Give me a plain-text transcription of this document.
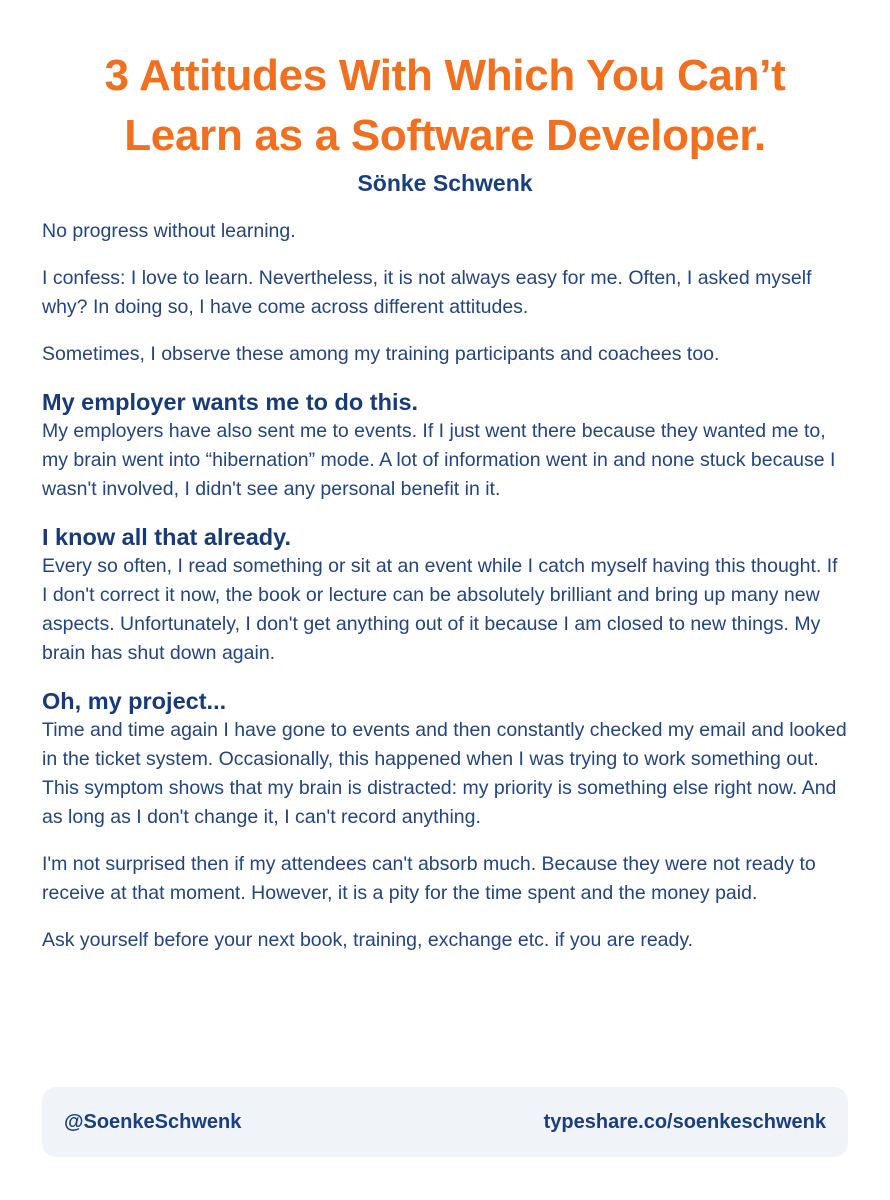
3 Attitudes With Which You Can’t
Learn as a Software Developer.
Sönke Schwenk

No progress without learning.

I confess: I love to learn. Nevertheless, it is not always easy for me. Often, I asked myself why? In doing so, I have come across different attitudes.

Sometimes, I observe these among my training participants and coachees too.

My employer wants me to do this.

My employers have also sent me to events. If I just went there because they wanted me to, my brain went into “hibernation” mode. A lot of information went in and none stuck because I wasn't involved, I didn't see any personal benefit in it.

I know all that already.

Every so often, I read something or sit at an event while I catch myself having this thought. If I don't correct it now, the book or lecture can be absolutely brilliant and bring up many new aspects. Unfortunately, I don't get anything out of it because I am closed to new things. My brain has shut down again.

Oh, my project...

Time and time again I have gone to events and then constantly checked my email and looked in the ticket system. Occasionally, this happened when I was trying to work something out. This symptom shows that my brain is distracted: my priority is something else right now. And as long as I don't change it, I can't record anything.

I'm not surprised then if my attendees can't absorb much. Because they were not ready to receive at that moment. However, it is a pity for the time spent and the money paid.

Ask yourself before your next book, training, exchange etc. if you are ready.

@SoenkeSchwenk	typeshare.co/soenkeschwenk
